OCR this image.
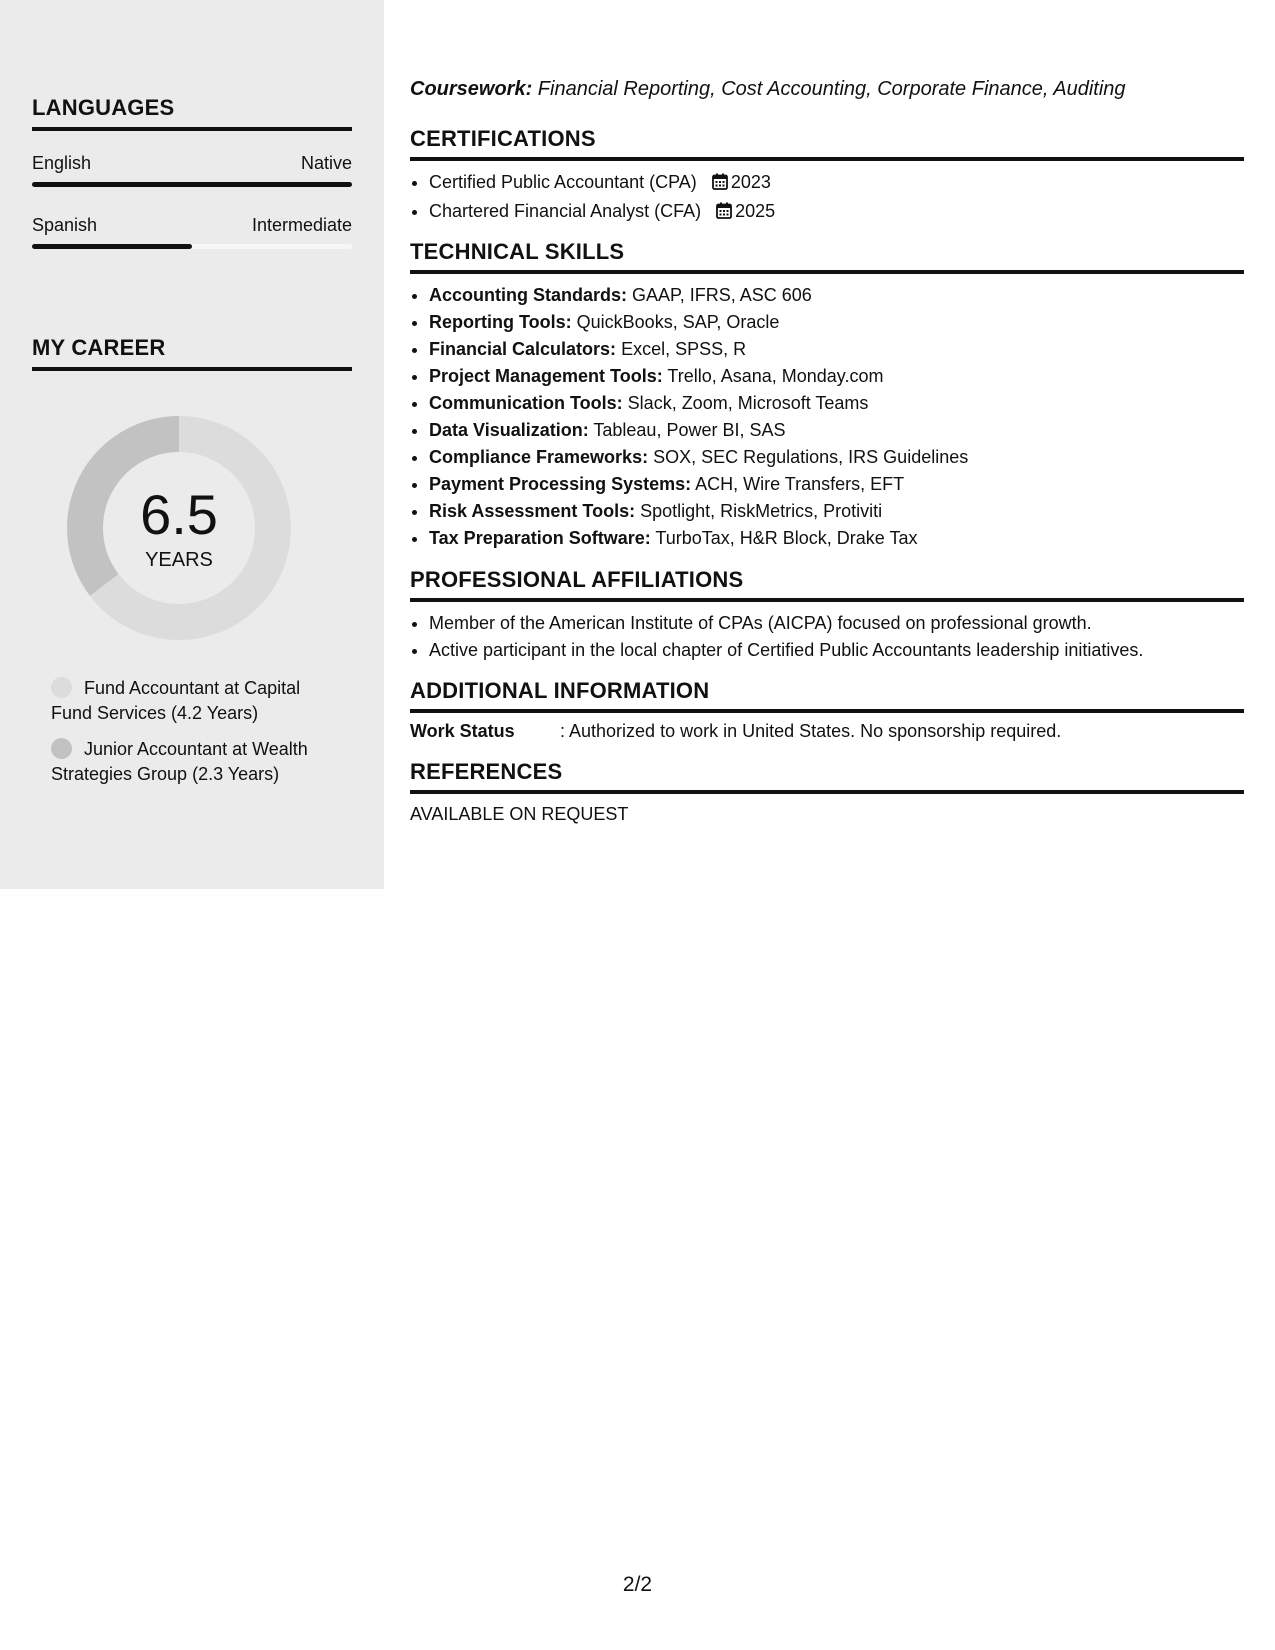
LANGUAGES
English	Native
Spanish	Intermediate
MY CAREER
6.5
YEARS
Fund Accountant at Capital Fund Services (4.2 Years)
Junior Accountant at Wealth Strategies Group (2.3 Years)
Coursework: Financial Reporting, Cost Accounting, Corporate Finance, Auditing
CERTIFICATIONS
• Certified Public Accountant (CPA) 2023
• Chartered Financial Analyst (CFA) 2025
TECHNICAL SKILLS
• Accounting Standards: GAAP, IFRS, ASC 606
• Reporting Tools: QuickBooks, SAP, Oracle
• Financial Calculators: Excel, SPSS, R
• Project Management Tools: Trello, Asana, Monday.com
• Communication Tools: Slack, Zoom, Microsoft Teams
• Data Visualization: Tableau, Power BI, SAS
• Compliance Frameworks: SOX, SEC Regulations, IRS Guidelines
• Payment Processing Systems: ACH, Wire Transfers, EFT
• Risk Assessment Tools: Spotlight, RiskMetrics, Protiviti
• Tax Preparation Software: TurboTax, H&R Block, Drake Tax
PROFESSIONAL AFFILIATIONS
• Member of the American Institute of CPAs (AICPA) focused on professional growth.
• Active participant in the local chapter of Certified Public Accountants leadership initiatives.
ADDITIONAL INFORMATION
Work Status	: Authorized to work in United States. No sponsorship required.
REFERENCES
AVAILABLE ON REQUEST
2/2
